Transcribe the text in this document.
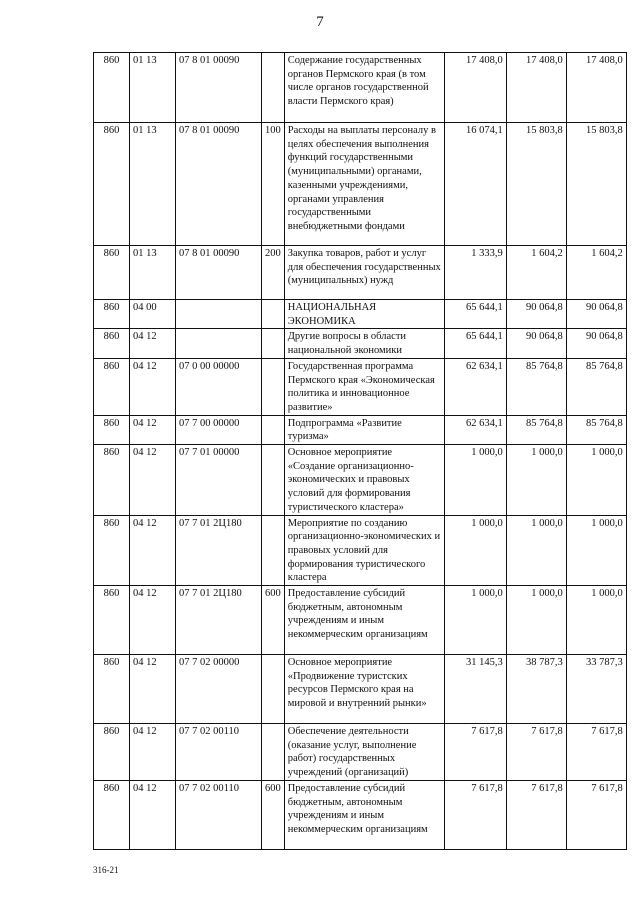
7
860	01 13	07 8 01 00090		Содержание государственных органов Пермского края (в том числе органов государственной власти Пермского края)	17 408,0	17 408,0	17 408,0
860	01 13	07 8 01 00090	100	Расходы на выплаты персоналу в целях обеспечения выполнения функций государственными (муниципальными) органами, казенными учреждениями, органами управления государственными внебюджетными фондами	16 074,1	15 803,8	15 803,8
860	01 13	07 8 01 00090	200	Закупка товаров, работ и услуг для обеспечения государственных (муниципальных) нужд	1 333,9	1 604,2	1 604,2
860	04 00			НАЦИОНАЛЬНАЯ ЭКОНОМИКА	65 644,1	90 064,8	90 064,8
860	04 12			Другие вопросы в области национальной экономики	65 644,1	90 064,8	90 064,8
860	04 12	07 0 00 00000		Государственная программа Пермского края «Экономическая политика и инновационное развитие»	62 634,1	85 764,8	85 764,8
860	04 12	07 7 00 00000		Подпрограмма «Развитие туризма»	62 634,1	85 764,8	85 764,8
860	04 12	07 7 01 00000		Основное мероприятие «Создание организационно-экономических и правовых условий для формирования туристического кластера»	1 000,0	1 000,0	1 000,0
860	04 12	07 7 01 2Ц180		Мероприятие по созданию организационно-экономических и правовых условий для формирования туристического кластера	1 000,0	1 000,0	1 000,0
860	04 12	07 7 01 2Ц180	600	Предоставление субсидий бюджетным, автономным учреждениям и иным некоммерческим организациям	1 000,0	1 000,0	1 000,0
860	04 12	07 7 02 00000		Основное мероприятие «Продвижение туристских ресурсов Пермского края на мировой и внутренний рынки»	31 145,3	38 787,3	33 787,3
860	04 12	07 7 02 00110		Обеспечение деятельности (оказание услуг, выполнение работ) государственных учреждений (организаций)	7 617,8	7 617,8	7 617,8
860	04 12	07 7 02 00110	600	Предоставление субсидий бюджетным, автономным учреждениям и иным некоммерческим организациям	7 617,8	7 617,8	7 617,8
316-21
